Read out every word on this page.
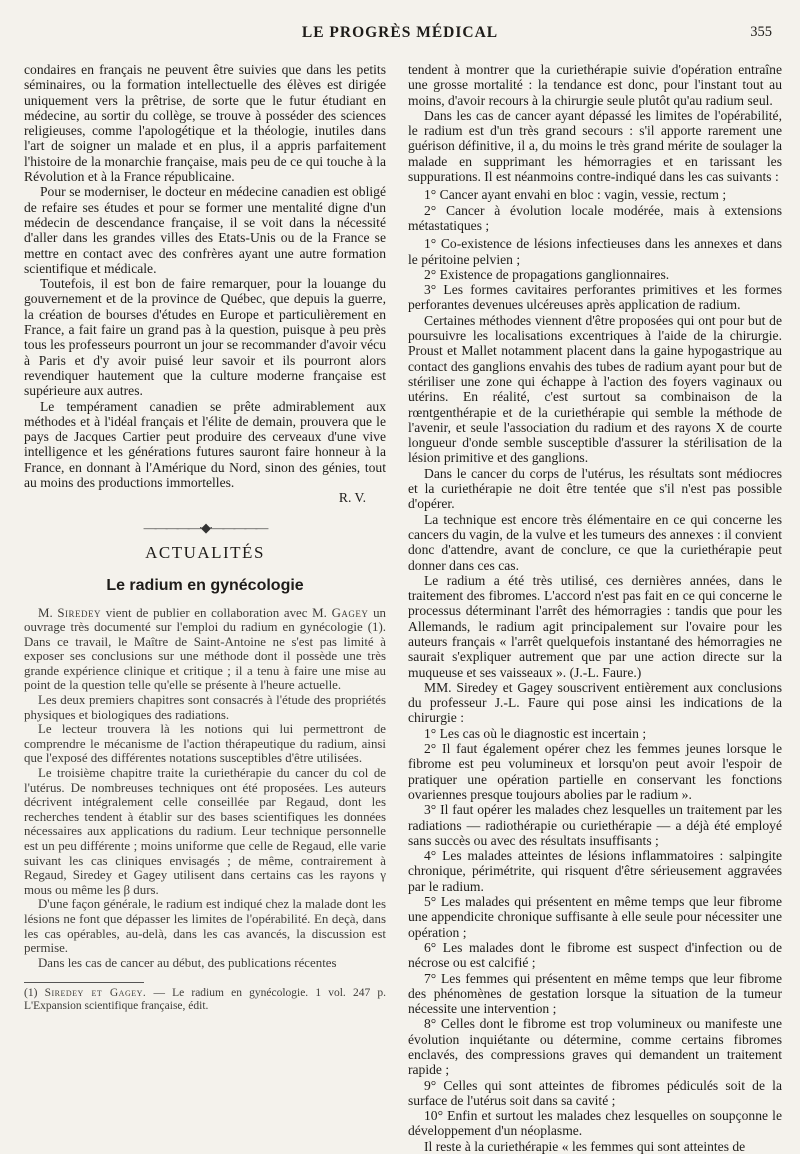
LE PROGRÈS MÉDICAL	355

condaires en français ne peuvent être suivies que dans les petits séminaires, ou la formation intellectuelle des élèves est dirigée uniquement vers la prêtrise, de sorte que le futur étudiant en médecine, au sortir du collège, se trouve à posséder des sciences religieuses, comme l'apologétique et la théologie, inutiles dans l'art de soigner un malade et en plus, il a appris parfaitement l'histoire de la monarchie française, mais peu de ce qui touche à la Révolution et à la France républicaine.

Pour se moderniser, le docteur en médecine canadien est obligé de refaire ses études et pour se former une mentalité digne d'un médecin de descendance française, il se voit dans la nécessité d'aller dans les grandes villes des Etats-Unis ou de la France se mettre en contact avec des confrères ayant une autre formation scientifique et médicale.

Toutefois, il est bon de faire remarquer, pour la louange du gouvernement et de la province de Québec, que depuis la guerre, la création de bourses d'études en Europe et particulièrement en France, a fait faire un grand pas à la question, puisque à peu près tous les professeurs pourront un jour se recommander d'avoir vécu à Paris et d'y avoir puisé leur savoir et ils pourront alors revendiquer hautement que la culture moderne française est supérieure aux autres.

Le tempérament canadien se prête admirablement aux méthodes et à l'idéal français et l'élite de demain, prouvera que le pays de Jacques Cartier peut produire des cerveaux d'une vive intelligence et les générations futures sauront faire honneur à la France, en donnant à l'Amérique du Nord, sinon des génies, tout au moins des productions immortelles.

R. V.

—————·◆·—————
ACTUALITÉS
Le radium en gynécologie

M. Siredey vient de publier en collaboration avec M. Gagey un ouvrage très documenté sur l'emploi du radium en gynécologie (1). Dans ce travail, le Maître de Saint-Antoine ne s'est pas limité à exposer ses conclusions sur une méthode dont il possède une très grande expérience clinique et critique ; il a tenu à faire une mise au point de la question telle qu'elle se présente à l'heure actuelle.

Les deux premiers chapitres sont consacrés à l'étude des propriétés physiques et biologiques des radiations.

Le lecteur trouvera là les notions qui lui permettront de comprendre le mécanisme de l'action thérapeutique du radium, ainsi que l'exposé des différentes notations susceptibles d'être utilisées.

Le troisième chapitre traite la curiethérapie du cancer du col de l'utérus. De nombreuses techniques ont été proposées. Les auteurs décrivent intégralement celle conseillée par Regaud, dont les recherches tendent à établir sur des bases scientifiques les données nécessaires aux applications du radium. Leur technique personnelle est un peu différente ; moins uniforme que celle de Regaud, elle varie suivant les cas cliniques envisagés ; de même, contrairement à Regaud, Siredey et Gagey utilisent dans certains cas les rayons γ mous ou même les β durs.

D'une façon générale, le radium est indiqué chez la malade dont les lésions ne font que dépasser les limites de l'opérabilité. En deçà, dans les cas opérables, au-delà, dans les cas avancés, la discussion est permise.

Dans les cas de cancer au début, des publications récentes

(1) Siredey et Gagey. — Le radium en gynécologie. 1 vol. 247 p. L'Expansion scientifique française, édit.

tendent à montrer que la curiethérapie suivie d'opération entraîne une grosse mortalité : la tendance est donc, pour l'instant tout au moins, d'avoir recours à la chirurgie seule plutôt qu'au radium seul.

Dans les cas de cancer ayant dépassé les limites de l'opérabilité, le radium est d'un très grand secours : s'il apporte rarement une guérison définitive, il a, du moins le très grand mérite de soulager la malade en supprimant les hémorragies et en tarissant les suppurations. Il est néanmoins contre-indiqué dans les cas suivants :

1° Cancer ayant envahi en bloc : vagin, vessie, rectum ;

2° Cancer à évolution locale modérée, mais à extensions métastatiques ;

1° Co-existence de lésions infectieuses dans les annexes et dans le péritoine pelvien ;

2° Existence de propagations ganglionnaires.

3° Les formes cavitaires perforantes primitives et les formes perforantes devenues ulcéreuses après application de radium.

Certaines méthodes viennent d'être proposées qui ont pour but de poursuivre les localisations excentriques à l'aide de la chirurgie. Proust et Mallet notamment placent dans la gaine hypogastrique au contact des ganglions envahis des tubes de radium ayant pour but de stériliser une zone qui échappe à l'action des foyers vaginaux ou utérins. En réalité, c'est surtout sa combinaison de la rœntgenthérapie et de la curiethérapie qui semble la méthode de l'avenir, et seule l'association du radium et des rayons X de courte longueur d'onde semble susceptible d'assurer la stérilisation de la lésion primitive et des ganglions.

Dans le cancer du corps de l'utérus, les résultats sont médiocres et la curiethérapie ne doit être tentée que s'il n'est pas possible d'opérer.

La technique est encore très élémentaire en ce qui concerne les cancers du vagin, de la vulve et les tumeurs des annexes : il convient donc d'attendre, avant de conclure, ce que la curiethérapie peut donner dans ces cas.

Le radium a été très utilisé, ces dernières années, dans le traitement des fibromes. L'accord n'est pas fait en ce qui concerne le processus déterminant l'arrêt des hémorragies : tandis que pour les Allemands, le radium agit principalement sur l'ovaire pour les auteurs français « l'arrêt quelquefois instantané des hémorragies ne saurait s'expliquer autrement que par une action directe sur la muqueuse et ses vaisseaux ». (J.-L. Faure.)

MM. Siredey et Gagey souscrivent entièrement aux conclusions du professeur J.-L. Faure qui pose ainsi les indications de la chirurgie :

1° Les cas où le diagnostic est incertain ;

2° Il faut également opérer chez les femmes jeunes lorsque le fibrome est peu volumineux et lorsqu'on peut avoir l'espoir de pratiquer une opération partielle en conservant les fonctions ovariennes presque toujours abolies par le radium ».

3° Il faut opérer les malades chez lesquelles un traitement par les radiations — radiothérapie ou curiethérapie — a déjà été employé sans succès ou avec des résultats insuffisants ;

4° Les malades atteintes de lésions inflammatoires : salpingite chronique, périmétrite, qui risquent d'être sérieusement aggravées par le radium.

5° Les malades qui présentent en même temps que leur fibrome une appendicite chronique suffisante à elle seule pour nécessiter une opération ;

6° Les malades dont le fibrome est suspect d'infection ou de nécrose ou est calcifié ;

7° Les femmes qui présentent en même temps que leur fibrome des phénomènes de gestation lorsque la situation de la tumeur nécessite une intervention ;

8° Celles dont le fibrome est trop volumineux ou manifeste une évolution inquiétante ou détermine, comme certains fibromes enclavés, des compressions graves qui demandent un traitement rapide ;

9° Celles qui sont atteintes de fibromes pédiculés soit de la surface de l'utérus soit dans sa cavité ;

10° Enfin et surtout les malades chez lesquelles on soupçonne le développement d'un néoplasme.

Il reste à la curiethérapie « les femmes qui sont atteintes de
